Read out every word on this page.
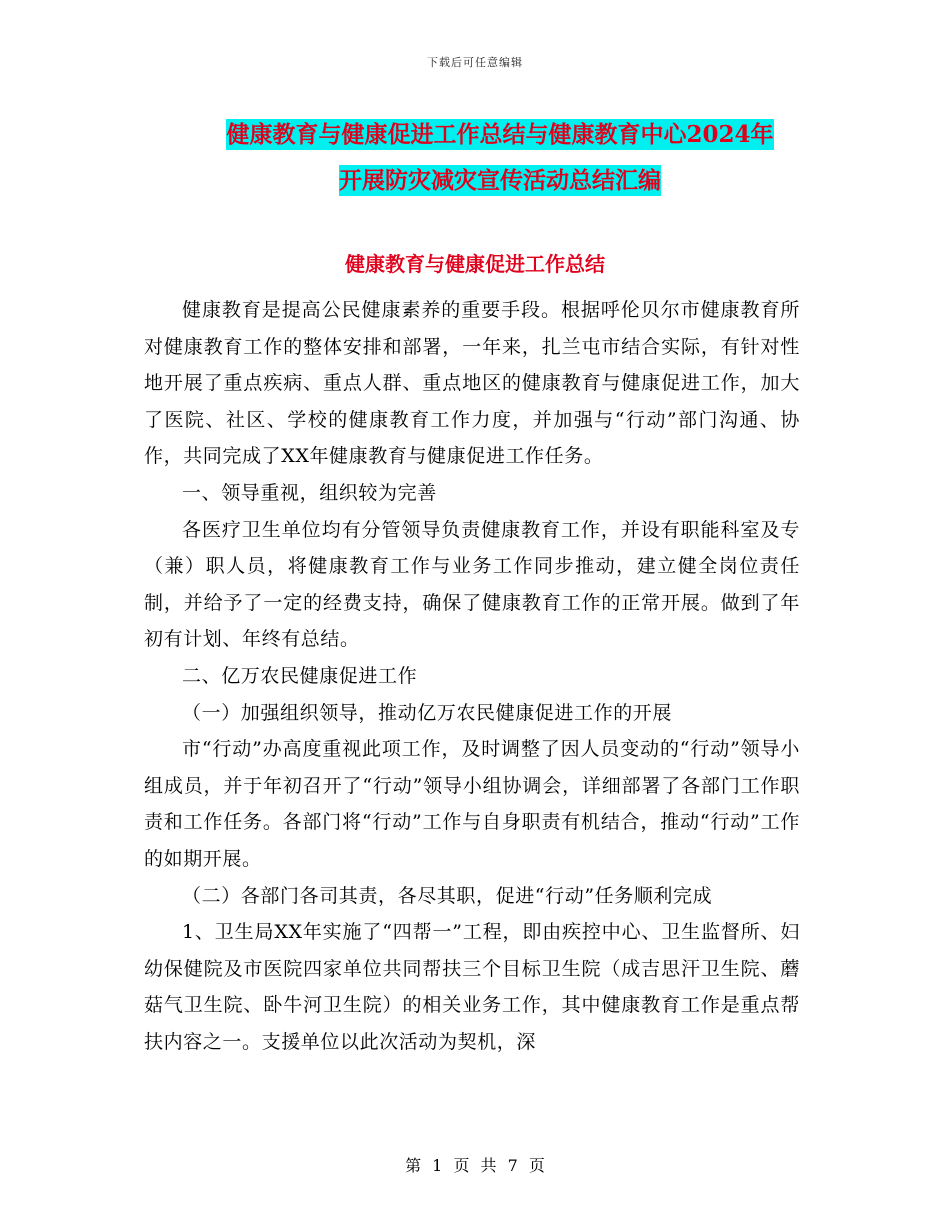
下载后可任意编辑
健康教育与健康促进工作总结与健康教育中心2024年
开展防灾减灾宣传活动总结汇编
健康教育与健康促进工作总结

健康教育是提高公民健康素养的重要手段。根据呼伦贝尔市健康教育所对健康教育工作的整体安排和部署，一年来，扎兰屯市结合实际，有针对性地开展了重点疾病、重点人群、重点地区的健康教育与健康促进工作，加大了医院、社区、学校的健康教育工作力度，并加强与“行动”部门沟通、协作，共同完成了XX年健康教育与健康促进工作任务。

一、领导重视，组织较为完善

各医疗卫生单位均有分管领导负责健康教育工作，并设有职能科室及专（兼）职人员，将健康教育工作与业务工作同步推动，建立健全岗位责任制，并给予了一定的经费支持，确保了健康教育工作的正常开展。做到了年初有计划、年终有总结。

二、亿万农民健康促进工作

（一）加强组织领导，推动亿万农民健康促进工作的开展

市“行动”办高度重视此项工作，及时调整了因人员变动的“行动”领导小组成员，并于年初召开了“行动”领导小组协调会，详细部署了各部门工作职责和工作任务。各部门将“行动”工作与自身职责有机结合，推动“行动”工作的如期开展。

（二）各部门各司其责，各尽其职，促进“行动”任务顺利完成

1、卫生局XX年实施了“四帮一”工程，即由疾控中心、卫生监督所、妇幼保健院及市医院四家单位共同帮扶三个目标卫生院（成吉思汗卫生院、蘑菇气卫生院、卧牛河卫生院）的相关业务工作，其中健康教育工作是重点帮扶内容之一。支援单位以此次活动为契机，深

第 1 页 共 7 页
